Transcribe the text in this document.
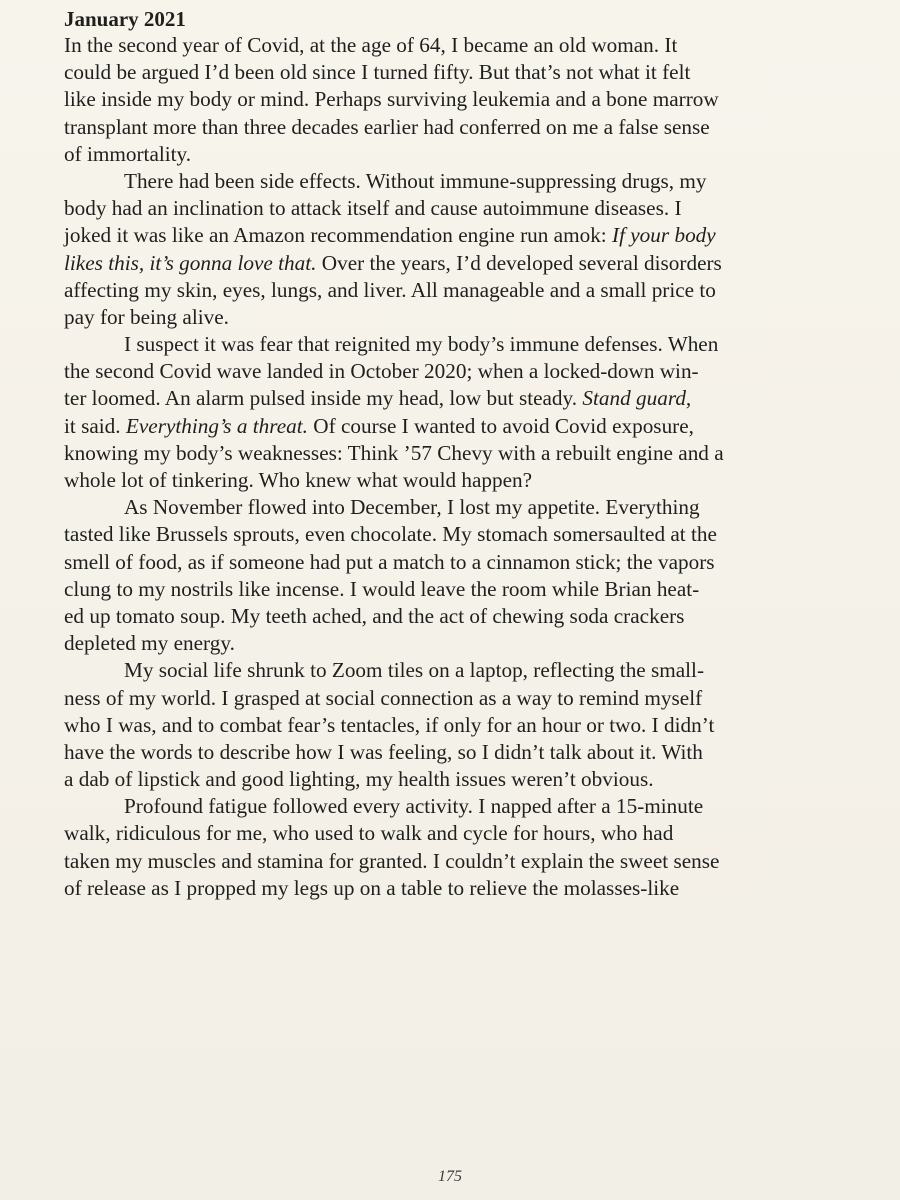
January 2021
In the second year of Covid, at the age of 64, I became an old woman. It
could be argued I’d been old since I turned fifty. But that’s not what it felt
like inside my body or mind. Perhaps surviving leukemia and a bone marrow
transplant more than three decades earlier had conferred on me a false sense
of immortality.
There had been side effects. Without immune-suppressing drugs, my
body had an inclination to attack itself and cause autoimmune diseases. I
joked it was like an Amazon recommendation engine run amok: If your body
likes this, it’s gonna love that. Over the years, I’d developed several disorders
affecting my skin, eyes, lungs, and liver. All manageable and a small price to
pay for being alive.
I suspect it was fear that reignited my body’s immune defenses. When
the second Covid wave landed in October 2020; when a locked-down win-
ter loomed. An alarm pulsed inside my head, low but steady. Stand guard,
it said. Everything’s a threat. Of course I wanted to avoid Covid exposure,
knowing my body’s weaknesses: Think ’57 Chevy with a rebuilt engine and a
whole lot of tinkering. Who knew what would happen?
As November flowed into December, I lost my appetite. Everything
tasted like Brussels sprouts, even chocolate. My stomach somersaulted at the
smell of food, as if someone had put a match to a cinnamon stick; the vapors
clung to my nostrils like incense. I would leave the room while Brian heat-
ed up tomato soup. My teeth ached, and the act of chewing soda crackers
depleted my energy.
My social life shrunk to Zoom tiles on a laptop, reflecting the small-
ness of my world. I grasped at social connection as a way to remind myself
who I was, and to combat fear’s tentacles, if only for an hour or two. I didn’t
have the words to describe how I was feeling, so I didn’t talk about it. With
a dab of lipstick and good lighting, my health issues weren’t obvious.
Profound fatigue followed every activity. I napped after a 15-minute
walk, ridiculous for me, who used to walk and cycle for hours, who had
taken my muscles and stamina for granted. I couldn’t explain the sweet sense
of release as I propped my legs up on a table to relieve the molasses-like
175
